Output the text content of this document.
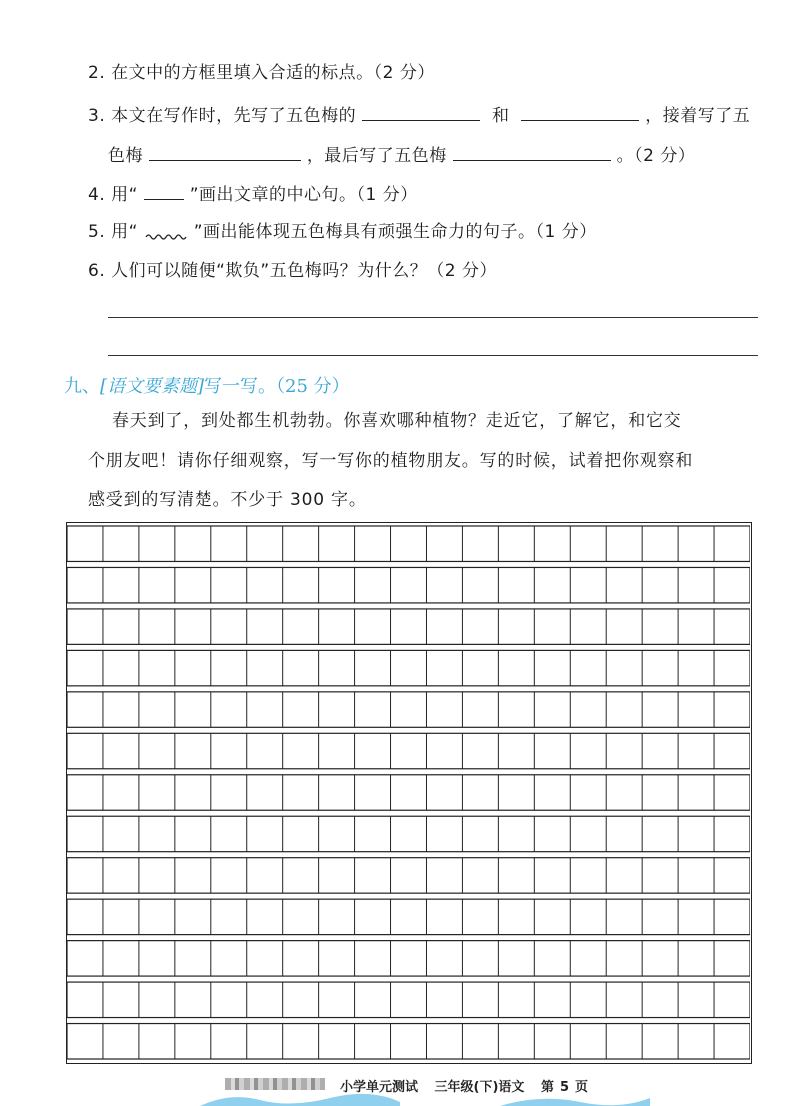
2. 在文中的方框里填入合适的标点。（2 分）
3. 本文在写作时，先写了五色梅的	和	，接着写了五
色梅	，最后写了五色梅	。（2 分）
4. 用“	”画出文章的中心句。（1 分）
5. 用“	”画出能体现五色梅具有顽强生命力的句子。（1 分）
6. 人们可以随便“欺负”五色梅吗？为什么？（2 分）
九、[语文要素题]写一写。（25 分）
春天到了，到处都生机勃勃。你喜欢哪种植物？走近它，了解它，和它交
个朋友吧！请你仔细观察，写一写你的植物朋友。写的时候，试着把你观察和
感受到的写清楚。不少于 300 字。
小学单元测试 三年级(下)语文 第 5 页
